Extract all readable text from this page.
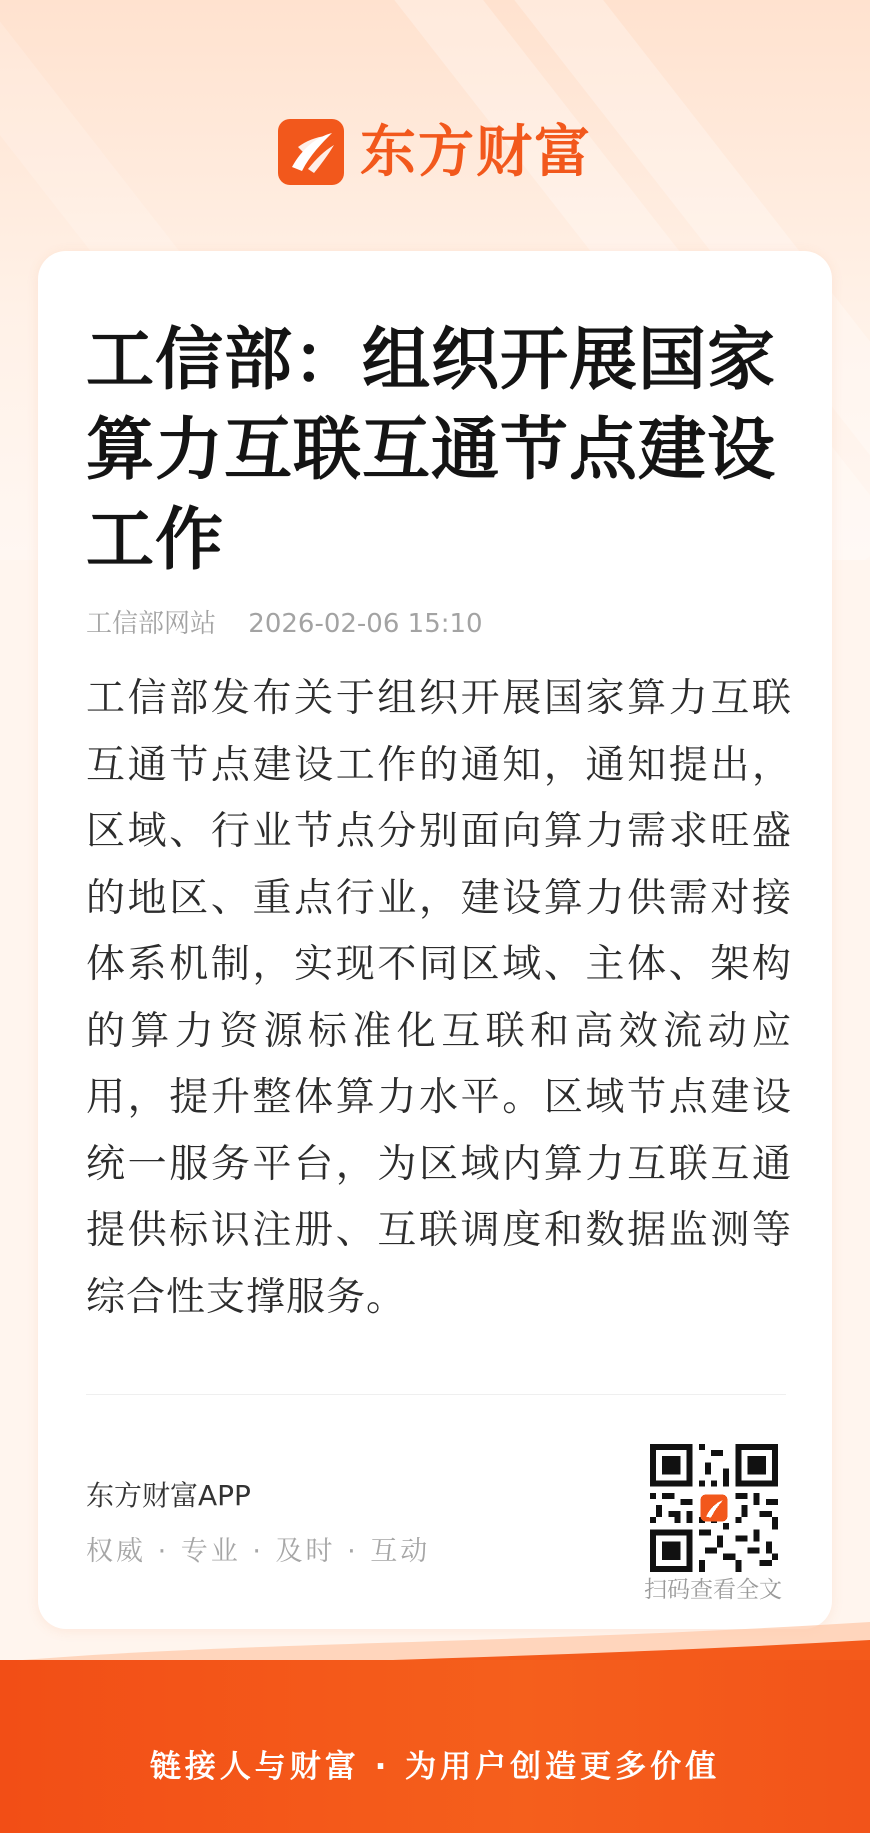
东方财富
工信部：组织开展国家算力互联互通节点建设工作
工信部网站 2026-02-06 15:10

工信部发布关于组织开展国家算力互联互通节点建设工作的通知，通知提出，区域、行业节点分别面向算力需求旺盛的地区、重点行业，建设算力供需对接体系机制，实现不同区域、主体、架构的算力资源标准化互联和高效流动应用，提升整体算力水平。区域节点建设统一服务平台，为区域内算力互联互通提供标识注册、互联调度和数据监测等综合性支撑服务。

东方财富APP
权威 · 专业 · 及时 · 互动
扫码查看全文
链接人与财富 · 为用户创造更多价值
